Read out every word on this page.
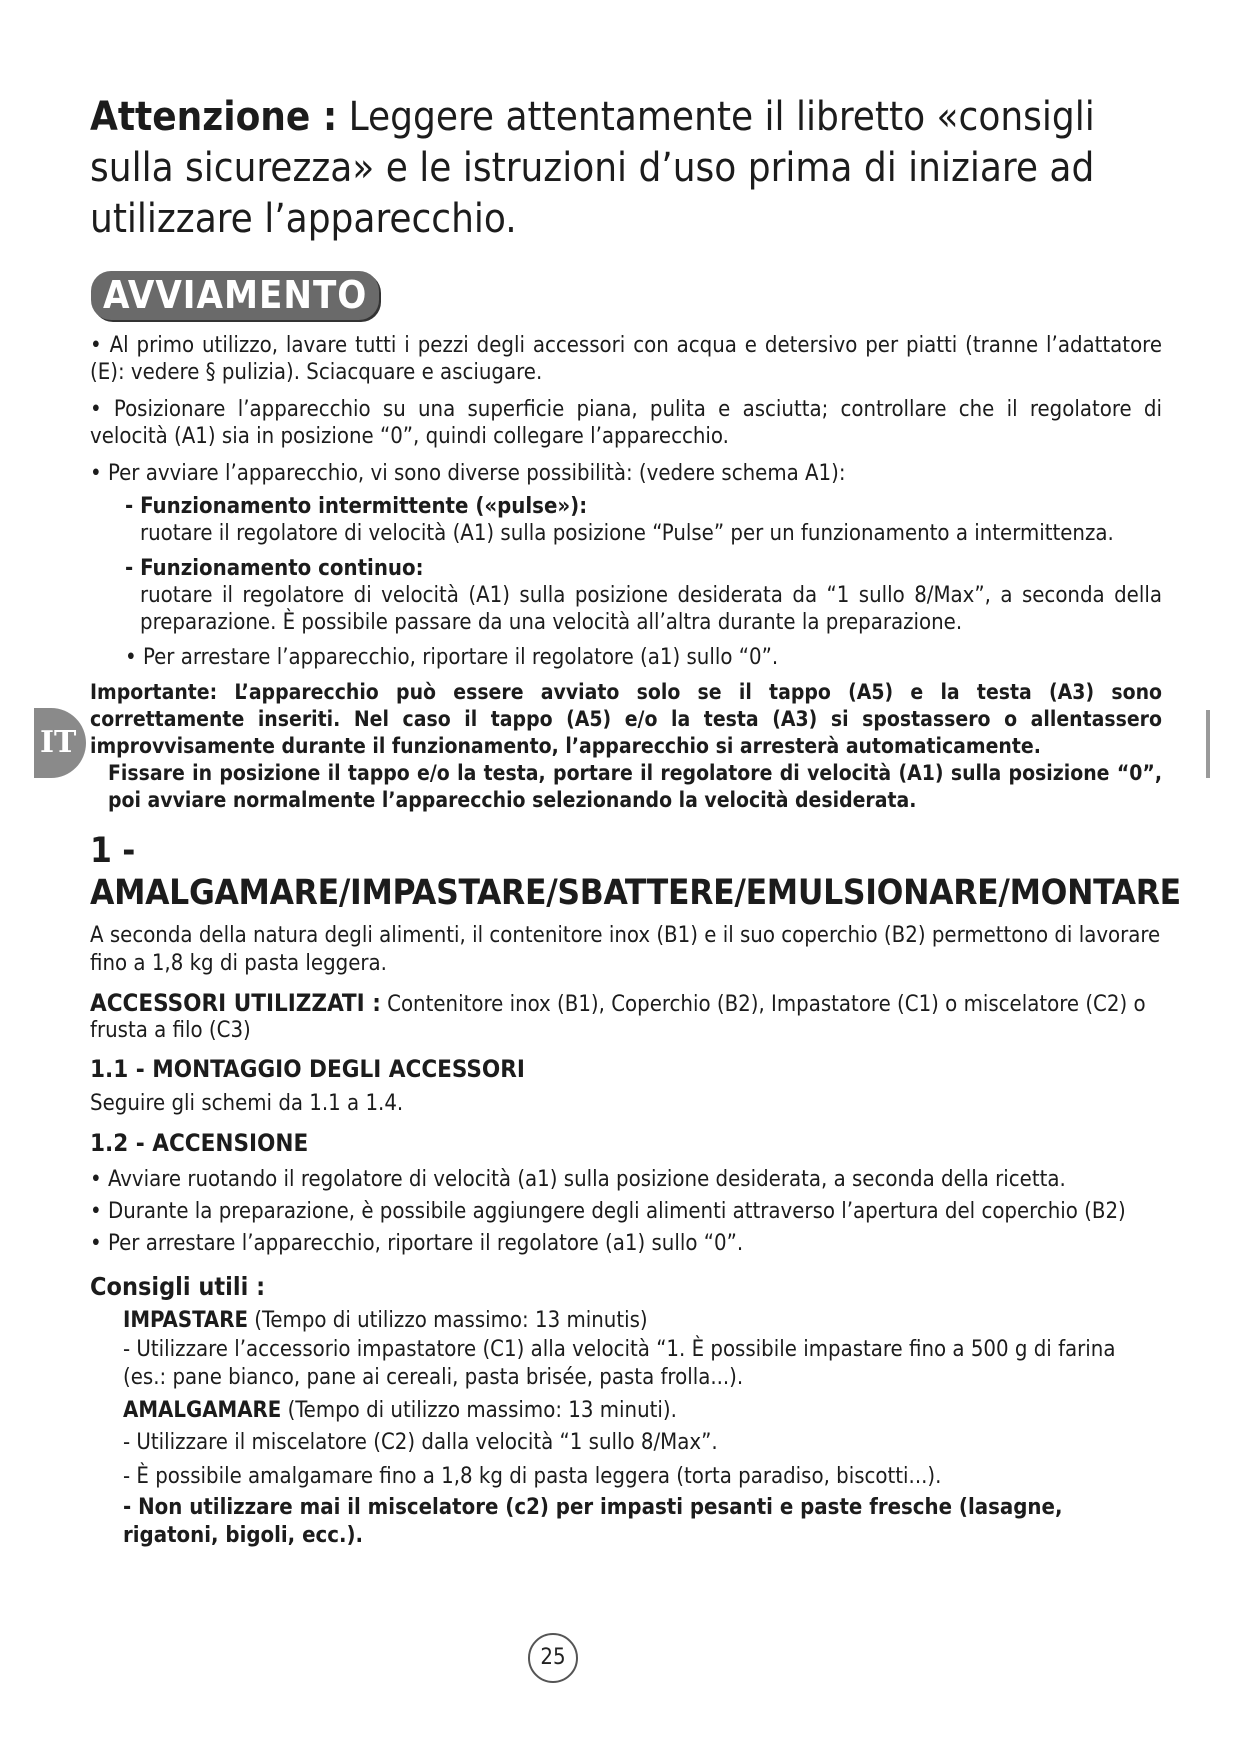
IT

Attenzione : Leggere attentamente il libretto «consigli sulla sicurezza» e le istruzioni d’uso prima di iniziare ad utilizzare l’apparecchio.

AVVIAMENTO

• Al primo utilizzo, lavare tutti i pezzi degli accessori con acqua e detersivo per piatti (tranne l’adattatore (E): vedere § pulizia). Sciacquare e asciugare.

• Posizionare l’apparecchio su una superficie piana, pulita e asciutta; controllare che il regolatore di velocità (A1) sia in posizione “0”, quindi collegare l’apparecchio.

• Per avviare l’apparecchio, vi sono diverse possibilità: (vedere schema A1):

- Funzionamento intermittente («pulse»):
ruotare il regolatore di velocità (A1) sulla posizione “Pulse” per un funzionamento a intermittenza.
- Funzionamento continuo:
ruotare il regolatore di velocità (A1) sulla posizione desiderata da “1 sullo 8/Max”, a seconda della preparazione. È possibile passare da una velocità all’altra durante la preparazione.

• Per arrestare l’apparecchio, riportare il regolatore (a1) sullo “0”.

Importante: L’apparecchio può essere avviato solo se il tappo (A5) e la testa (A3) sono correttamente inseriti. Nel caso il tappo (A5) e/o la testa (A3) si spostassero o allentassero improvvisamente durante il funzionamento, l’apparecchio si arresterà automaticamente.
Fissare in posizione il tappo e/o la testa, portare il regolatore di velocità (A1) sulla posizione “0”, poi avviare normalmente l’apparecchio selezionando la velocità desiderata.

1 - AMALGAMARE/IMPASTARE/SBATTERE/EMULSIONARE/MONTARE

A seconda della natura degli alimenti, il contenitore inox (B1) e il suo coperchio (B2) permettono di lavorare fino a 1,8 kg di pasta leggera.

ACCESSORI UTILIZZATI : Contenitore inox (B1), Coperchio (B2), Impastatore (C1) o miscelatore (C2) o frusta a filo (C3)

1.1 - MONTAGGIO DEGLI ACCESSORI

Seguire gli schemi da 1.1 a 1.4.

1.2 - ACCENSIONE

• Avviare ruotando il regolatore di velocità (a1) sulla posizione desiderata, a seconda della ricetta.

• Durante la preparazione, è possibile aggiungere degli alimenti attraverso l’apertura del coperchio (B2)

• Per arrestare l’apparecchio, riportare il regolatore (a1) sullo “0”.

Consigli utili :

IMPASTARE (Tempo di utilizzo massimo: 13 minutis)

- Utilizzare l’accessorio impastatore (C1) alla velocità “1. È possibile impastare fino a 500 g di farina (es.: pane bianco, pane ai cereali, pasta brisée, pasta frolla...).

AMALGAMARE (Tempo di utilizzo massimo: 13 minuti).

- Utilizzare il miscelatore (C2) dalla velocità “1 sullo 8/Max”.

- È possibile amalgamare fino a 1,8 kg di pasta leggera (torta paradiso, biscotti...).

- Non utilizzare mai il miscelatore (c2) per impasti pesanti e paste fresche (lasagne, rigatoni, bigoli, ecc.).

25
